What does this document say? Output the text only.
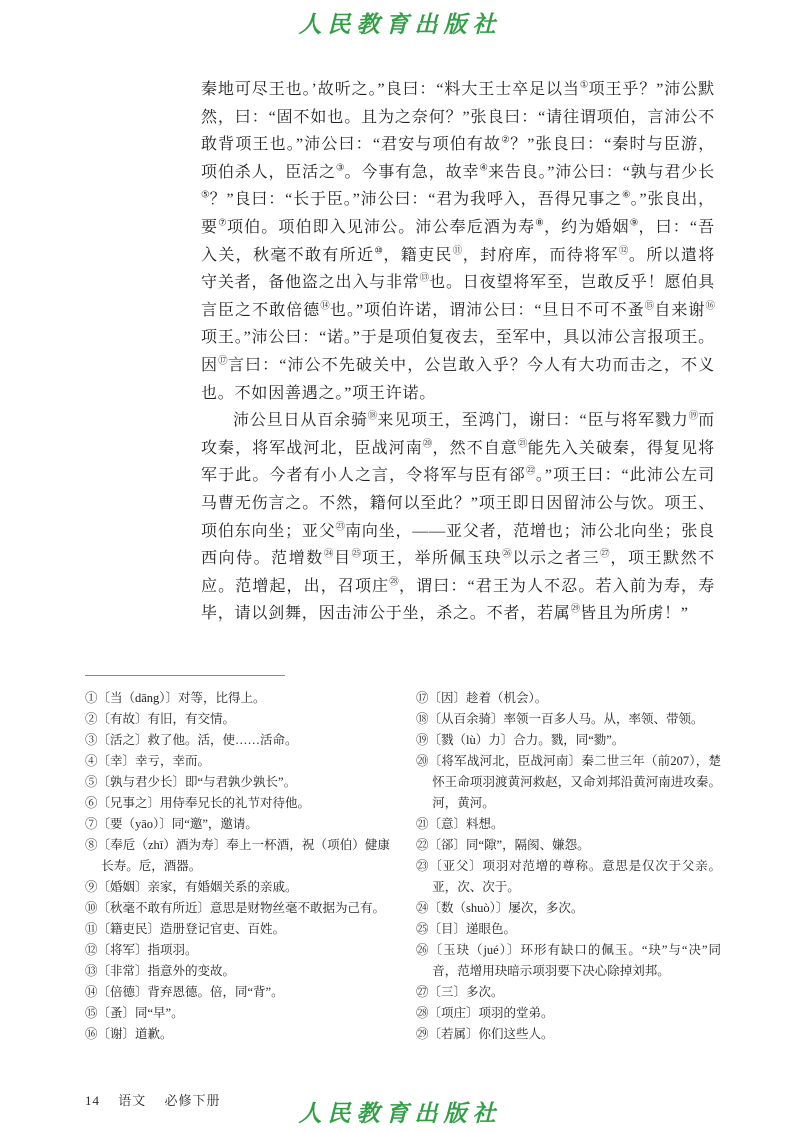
人民教育出版社

秦地可尽王也。’故听之。”良曰：“料大王士卒足以当①项王乎？”沛公默然，曰：“固不如也。且为之奈何？”张良曰：“请往谓项伯，言沛公不敢背项王也。”沛公曰：“君安与项伯有故②？”张良曰：“秦时与臣游，项伯杀人，臣活之③。今事有急，故幸④来告良。”沛公曰：“孰与君少长⑤？”良曰：“长于臣。”沛公曰：“君为我呼入，吾得兄事之⑥。”张良出，要⑦项伯。项伯即入见沛公。沛公奉卮酒为寿⑧，约为婚姻⑨，曰：“吾入关，秋毫不敢有所近⑩，籍吏民⑪，封府库，而待将军⑫。所以遣将守关者，备他盗之出入与非常⑬也。日夜望将军至，岂敢反乎！愿伯具言臣之不敢倍德⑭也。”项伯许诺，谓沛公曰：“旦日不可不蚤⑮自来谢⑯项王。”沛公曰：“诺。”于是项伯复夜去，至军中，具以沛公言报项王。因⑰言曰：“沛公不先破关中，公岂敢入乎？今人有大功而击之，不义也。不如因善遇之。”项王许诺。

沛公旦日从百余骑⑱来见项王，至鸿门，谢曰：“臣与将军戮力⑲而攻秦，将军战河北，臣战河南⑳，然不自意$^㉑$能先入关破秦，得复见将军于此。今者有小人之言，令将军与臣有郤$^㉒$。”项王曰：“此沛公左司马曹无伤言之。不然，籍何以至此？”项王即日因留沛公与饮。项王、项伯东向坐；亚父$^㉓$南向坐，——亚父者，范增也；沛公北向坐；张良西向侍。范增数$^㉔$目$^㉕$项王，举所佩玉玦$^㉖$以示之者三$^㉗$，项王默然不应。范增起，出，召项庄$^㉘$，谓曰：“君王为人不忍。若入前为寿，寿毕，请以剑舞，因击沛公于坐，杀之。不者，若属$^㉙$皆且为所虏！”

①〔当（dāng）〕对等，比得上。
②〔有故〕有旧，有交情。
③〔活之〕救了他。活，使……活命。
④〔幸〕幸亏，幸而。
⑤〔孰与君少长〕即“与君孰少孰长”。
⑥〔兄事之〕用侍奉兄长的礼节对待他。
⑦〔要（yāo）〕同“邀”，邀请。
⑧〔奉卮（zhī）酒为寿〕奉上一杯酒，祝（项伯）健康长寿。卮，酒器。
⑨〔婚姻〕亲家，有婚姻关系的亲戚。
⑩〔秋毫不敢有所近〕意思是财物丝毫不敢据为己有。
⑪〔籍吏民〕造册登记官吏、百姓。
⑫〔将军〕指项羽。
⑬〔非常〕指意外的变故。
⑭〔倍德〕背弃恩德。倍，同“背”。
⑮〔蚤〕同“早”。
⑯〔谢〕道歉。
⑰〔因〕趁着（机会）。
⑱〔从百余骑〕率领一百多人马。从，率领、带领。
⑲〔戮（lù）力〕合力。戮，同“勠”。
⑳〔将军战河北，臣战河南〕秦二世三年（前207），楚怀王命项羽渡黄河救赵，又命刘邦沿黄河南进攻秦。河，黄河。
㉑〔意〕料想。
㉒〔郤〕同“隙”，隔阂、嫌怨。
㉓〔亚父〕项羽对范增的尊称。意思是仅次于父亲。亚，次、次于。
㉔〔数（shuò）〕屡次，多次。
㉕〔目〕递眼色。
㉖〔玉玦（jué）〕环形有缺口的佩玉。“玦”与“决”同音，范增用玦暗示项羽要下决心除掉刘邦。
㉗〔三〕多次。
㉘〔项庄〕项羽的堂弟。
㉙〔若属〕你们这些人。
14 语文 必修下册	人民教育出版社
